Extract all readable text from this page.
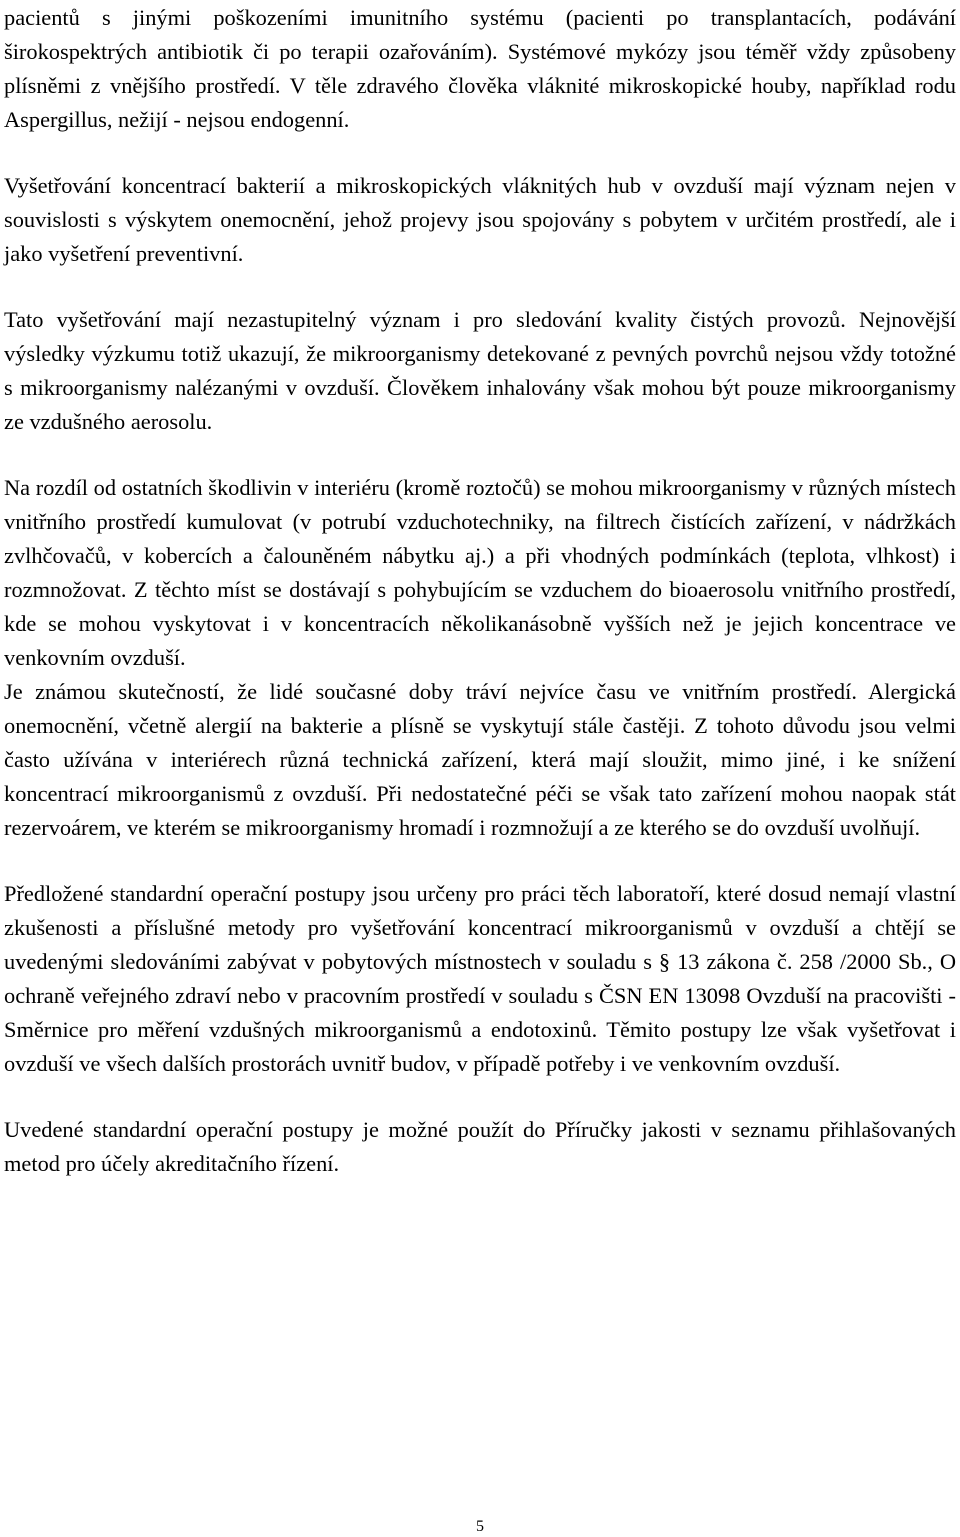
pacientů s jinými poškozeními imunitního systému (pacienti po transplantacích, podávání širokospektrých antibiotik či po terapii ozařováním). Systémové mykózy jsou téměř vždy způsobeny plísněmi z vnějšího prostředí. V těle zdravého člověka vláknité mikroskopické houby, například rodu Aspergillus, nežijí - nejsou endogenní.

Vyšetřování koncentrací bakterií a mikroskopických vláknitých hub v ovzduší mají význam nejen v souvislosti s výskytem onemocnění, jehož projevy jsou spojovány s pobytem v určitém prostředí, ale i jako vyšetření preventivní.

Tato vyšetřování mají nezastupitelný význam i pro sledování kvality čistých provozů. Nejnovější výsledky výzkumu totiž ukazují, že mikroorganismy detekované z pevných povrchů nejsou vždy totožné s mikroorganismy nalézanými v ovzduší. Člověkem inhalovány však mohou být pouze mikroorganismy ze vzdušného aerosolu.

Na rozdíl od ostatních škodlivin v interiéru (kromě roztočů) se mohou mikroorganismy v různých místech vnitřního prostředí kumulovat (v potrubí vzduchotechniky, na filtrech čistících zařízení, v nádržkách zvlhčovačů, v kobercích a čalouněném nábytku aj.) a při vhodných podmínkách (teplota, vlhkost) i rozmnožovat. Z těchto míst se dostávají s pohybujícím se vzduchem do bioaerosolu vnitřního prostředí, kde se mohou vyskytovat i v koncentracích několikanásobně vyšších než je jejich koncentrace ve venkovním ovzduší.

Je známou skutečností, že lidé současné doby tráví nejvíce času ve vnitřním prostředí. Alergická onemocnění, včetně alergií na bakterie a plísně se vyskytují stále častěji. Z tohoto důvodu jsou velmi často užívána v interiérech různá technická zařízení, která mají sloužit, mimo jiné, i ke snížení koncentrací mikroorganismů z ovzduší. Při nedostatečné péči se však tato zařízení mohou naopak stát rezervoárem, ve kterém se mikroorganismy hromadí i rozmnožují a ze kterého se do ovzduší uvolňují.

Předložené standardní operační postupy jsou určeny pro práci těch laboratoří, které dosud nemají vlastní zkušenosti a příslušné metody pro vyšetřování koncentrací mikroorganismů v ovzduší a chtějí se uvedenými sledováními zabývat v pobytových místnostech v souladu s § 13 zákona č. 258 /2000 Sb., O ochraně veřejného zdraví nebo v pracovním prostředí v souladu s ČSN EN 13098 Ovzduší na pracovišti - Směrnice pro měření vzdušných mikroorganismů a endotoxinů. Těmito postupy lze však vyšetřovat i ovzduší ve všech dalších prostorách uvnitř budov, v případě potřeby i ve venkovním ovzduší.

Uvedené standardní operační postupy je možné použít do Příručky jakosti v seznamu přihlašovaných metod pro účely akreditačního řízení.

5
